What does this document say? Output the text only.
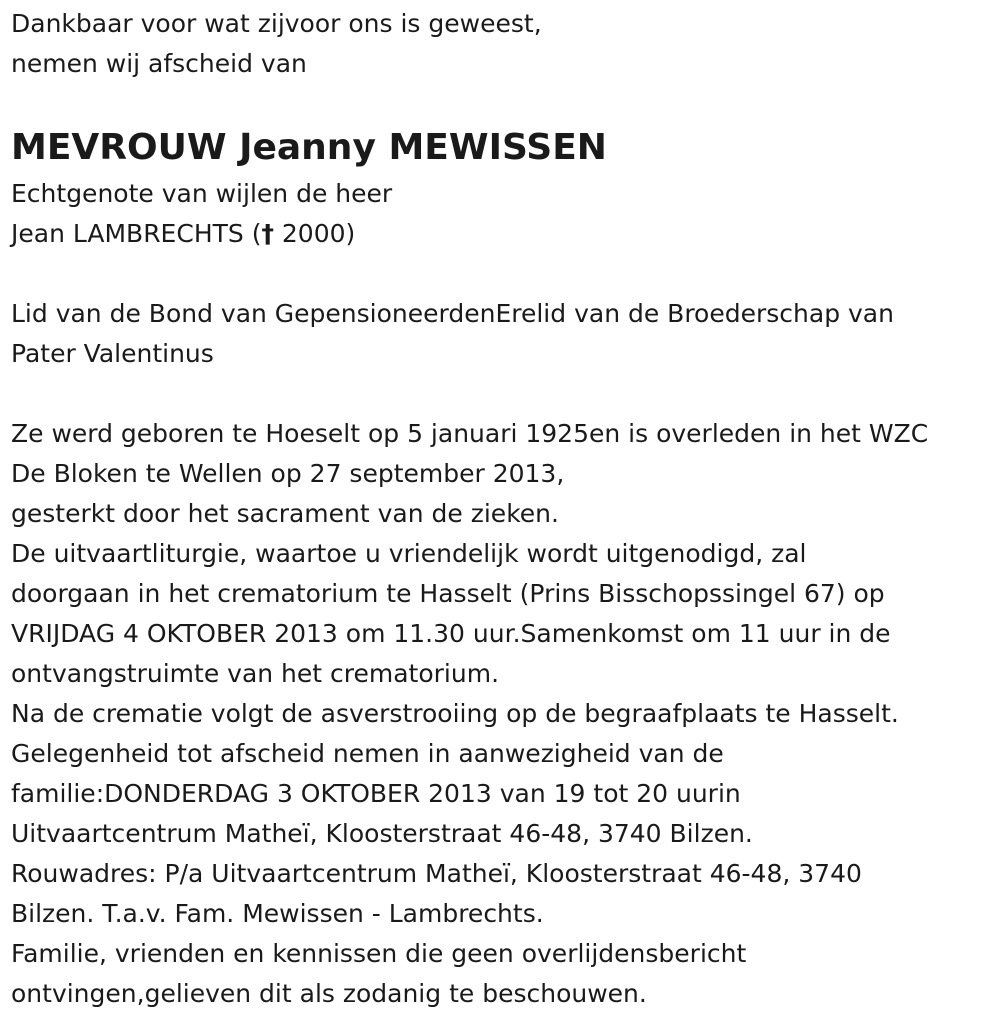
Dankbaar voor wat zijvoor ons is geweest,
nemen wij afscheid van
MEVROUW Jeanny MEWISSEN
Echtgenote van wijlen de heer
Jean LAMBRECHTS († 2000)
Lid van de Bond van GepensioneerdenErelid van de Broederschap van
Pater Valentinus
Ze werd geboren te Hoeselt op 5 januari 1925en is overleden in het WZC
De Bloken te Wellen op 27 september 2013,
gesterkt door het sacrament van de zieken.
De uitvaartliturgie, waartoe u vriendelijk wordt uitgenodigd, zal
doorgaan in het crematorium te Hasselt (Prins Bisschopssingel 67) op
VRIJDAG 4 OKTOBER 2013 om 11.30 uur.Samenkomst om 11 uur in de
ontvangstruimte van het crematorium.
Na de crematie volgt de asverstrooiing op de begraafplaats te Hasselt.
Gelegenheid tot afscheid nemen in aanwezigheid van de
familie:DONDERDAG 3 OKTOBER 2013 van 19 tot 20 uurin
Uitvaartcentrum Matheï, Kloosterstraat 46-48, 3740 Bilzen.
Rouwadres: P/a Uitvaartcentrum Matheï, Kloosterstraat 46-48, 3740
Bilzen. T.a.v. Fam. Mewissen - Lambrechts.
Familie, vrienden en kennissen die geen overlijdensbericht
ontvingen,gelieven dit als zodanig te beschouwen.
